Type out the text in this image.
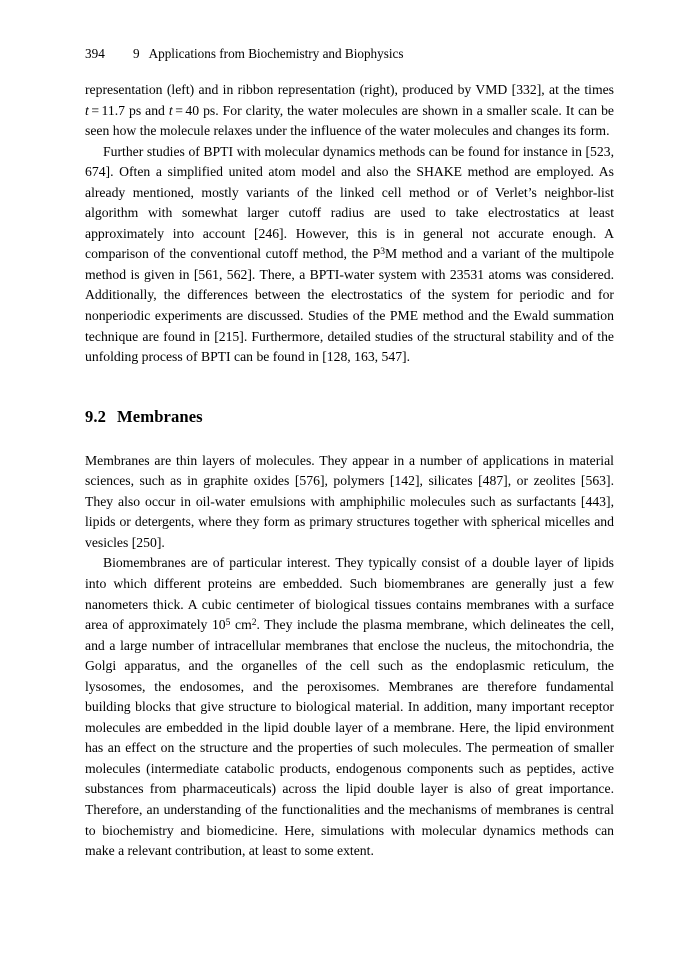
394 9 Applications from Biochemistry and Biophysics

representation (left) and in ribbon representation (right), produced by VMD [332], at the times t = 11.7 ps and t = 40 ps. For clarity, the water molecules are shown in a smaller scale. It can be seen how the molecule relaxes under the influence of the water molecules and changes its form.

Further studies of BPTI with molecular dynamics methods can be found for instance in [523, 674]. Often a simplified united atom model and also the SHAKE method are employed. As already mentioned, mostly variants of the linked cell method or of Verlet’s neighbor-list algorithm with somewhat larger cutoff radius are used to take electrostatics at least approximately into account [246]. However, this is in general not accurate enough. A comparison of the conventional cutoff method, the $P^3M$ method and a variant of the multipole method is given in [561, 562]. There, a BPTI-water system with 23531 atoms was considered. Additionally, the differences between the electrostatics of the system for periodic and for nonperiodic experiments are discussed. Studies of the PME method and the Ewald summation technique are found in [215]. Furthermore, detailed studies of the structural stability and of the unfolding process of BPTI can be found in [128, 163, 547].

9.2 Membranes

Membranes are thin layers of molecules. They appear in a number of applications in material sciences, such as in graphite oxides [576], polymers [142], silicates [487], or zeolites [563]. They also occur in oil-water emulsions with amphiphilic molecules such as surfactants [443], lipids or detergents, where they form as primary structures together with spherical micelles and vesicles [250].

Biomembranes are of particular interest. They typically consist of a double layer of lipids into which different proteins are embedded. Such biomembranes are generally just a few nanometers thick. A cubic centimeter of biological tissues contains membranes with a surface area of approximately $10^5$ $cm^2$. They include the plasma membrane, which delineates the cell, and a large number of intracellular membranes that enclose the nucleus, the mitochondria, the Golgi apparatus, and the organelles of the cell such as the endoplasmic reticulum, the lysosomes, the endosomes, and the peroxisomes. Membranes are therefore fundamental building blocks that give structure to biological material. In addition, many important receptor molecules are embedded in the lipid double layer of a membrane. Here, the lipid environment has an effect on the structure and the properties of such molecules. The permeation of smaller molecules (intermediate catabolic products, endogenous components such as peptides, active substances from pharmaceuticals) across the lipid double layer is also of great importance. Therefore, an understanding of the functionalities and the mechanisms of membranes is central to biochemistry and biomedicine. Here, simulations with molecular dynamics methods can make a relevant contribution, at least to some extent.
